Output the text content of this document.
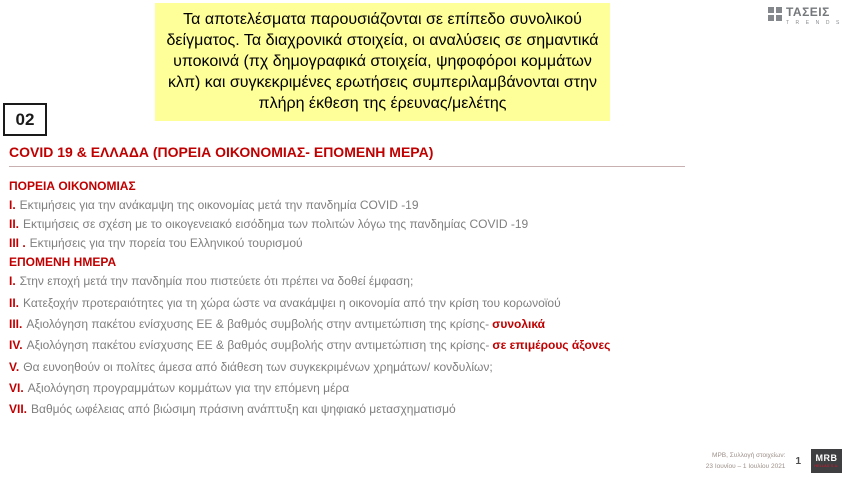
02
Τα αποτελέσματα παρουσιάζονται σε επίπεδο συνολικού δείγματος. Τα διαχρονικά στοιχεία, οι αναλύσεις σε σημαντικά υποκοινά (πχ δημογραφικά στοιχεία, ψηφοφόροι κομμάτων κλπ) και συγκεκριμένες ερωτήσεις συμπεριλαμβάνονται στην πλήρη έκθεση της έρευνας/μελέτης
ΤΑΣΕΙΣ
T R E N D S
COVID 19 & ΕΛΛΑΔΑ (ΠΟΡΕΙΑ ΟΙΚΟΝΟΜΙΑΣ- ΕΠΟΜΕΝΗ ΜΕΡΑ)
ΠΟΡΕΙΑ ΟΙΚΟΝΟΜΙΑΣ
I. Εκτιμήσεις για την ανάκαμψη της οικονομίας μετά την πανδημία COVID -19
II. Εκτιμήσεις σε σχέση με το οικογενειακό εισόδημα των πολιτών λόγω της πανδημίας COVID -19
III . Εκτιμήσεις για την πορεία του Ελληνικού τουρισμού
ΕΠΟΜΕΝΗ ΗΜΕΡΑ
I. Στην εποχή μετά την πανδημία που πιστεύετε ότι πρέπει να δοθεί έμφαση;
II. Κατεξοχήν προτεραιότητες για τη χώρα ώστε να ανακάμψει η οικονομία από την κρίση του κορωνοϊού
III. Αξιολόγηση πακέτου ενίσχυσης ΕΕ & βαθμός συμβολής στην αντιμετώπιση της κρίσης- συνολικά
IV. Αξιολόγηση πακέτου ενίσχυσης ΕΕ & βαθμός συμβολής στην αντιμετώπιση της κρίσης- σε επιμέρους άξονες
V. Θα ευνοηθούν οι πολίτες άμεσα από διάθεση των συγκεκριμένων χρημάτων/ κονδυλίων;
VI. Αξιολόγηση προγραμμάτων κομμάτων για την επόμενη μέρα
VII. Βαθμός ωφέλειας από βιώσιμη πράσινη ανάπτυξη και ψηφιακό μετασχηματισμό
ΜΡΒ, Συλλογή στοιχείων:
23 Ιουνίου – 1 Ιουλίου 2021 1 MRB
HELLAS S.A.
